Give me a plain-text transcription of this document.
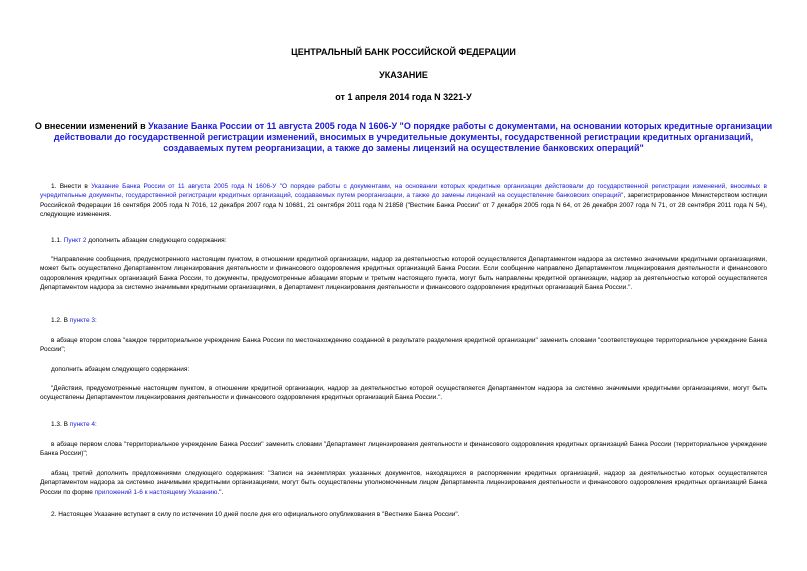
ЦЕНТРАЛЬНЫЙ БАНК РОССИЙСКОЙ ФЕДЕРАЦИИ
УКАЗАНИЕ
от 1 апреля 2014 года N 3221-У
О внесении изменений в Указание Банка России от 11 августа 2005 года N 1606-У "О порядке работы с документами, на основании которых кредитные организации действовали до государственной регистрации изменений, вносимых в учредительные документы, государственной регистрации кредитных организаций, создаваемых путем реорганизации, а также до замены лицензий на осуществление банковских операций"

1. Внести в Указание Банка России от 11 августа 2005 года N 1606-У "О порядке работы с документами, на основании которых кредитные организации действовали до государственной регистрации изменений, вносимых в учредительные документы, государственной регистрации кредитных организаций, создаваемых путем реорганизации, а также до замены лицензий на осуществление банковских операций", зарегистрированное Министерством юстиции Российской Федерации 16 сентября 2005 года N 7016, 12 декабря 2007 года N 10681, 21 сентября 2011 года N 21858 ("Вестник Банка России" от 7 декабря 2005 года N 64, от 26 декабря 2007 года N 71, от 28 сентября 2011 года N 54), следующие изменения.

1.1. Пункт 2 дополнить абзацем следующего содержания:

"Направление сообщения, предусмотренного настоящим пунктом, в отношении кредитной организации, надзор за деятельностью которой осуществляется Департаментом надзора за системно значимыми кредитными организациями, может быть осуществлено Департаментом лицензирования деятельности и финансового оздоровления кредитных организаций Банка России. Если сообщение направлено Департаментом лицензирования деятельности и финансового оздоровления кредитных организаций Банка России, то документы, предусмотренные абзацами вторым и третьим настоящего пункта, могут быть направлены кредитной организации, надзор за деятельностью которой осуществляется Департаментом надзора за системно значимыми кредитными организациями, в Департамент лицензирования деятельности и финансового оздоровления кредитных организаций Банка России.".

1.2. В пункте 3:

в абзаце втором слова "каждое территориальное учреждение Банка России по местонахождению созданной в результате разделения кредитной организации" заменить словами "соответствующее территориальное учреждение Банка России";

дополнить абзацем следующего содержания:

"Действия, предусмотренные настоящим пунктом, в отношении кредитной организации, надзор за деятельностью которой осуществляется Департаментом надзора за системно значимыми кредитными организациями, могут быть осуществлены Департаментом лицензирования деятельности и финансового оздоровления кредитных организаций Банка России.".

1.3. В пункте 4:

в абзаце первом слова "территориальное учреждение Банка России" заменить словами "Департамент лицензирования деятельности и финансового оздоровления кредитных организаций Банка России (территориальное учреждение Банка России)";

абзац третий дополнить предложениями следующего содержания: "Записи на экземплярах указанных документов, находящихся в распоряжении кредитных организаций, надзор за деятельностью которых осуществляется Департаментом надзора за системно значимыми кредитными организациями, могут быть осуществлены уполномоченным лицом Департамента лицензирования деятельности и финансового оздоровления кредитных организаций Банка России по форме приложений 1-6 к настоящему Указанию.".

2. Настоящее Указание вступает в силу по истечении 10 дней после дня его официального опубликования в "Вестнике Банка России".
